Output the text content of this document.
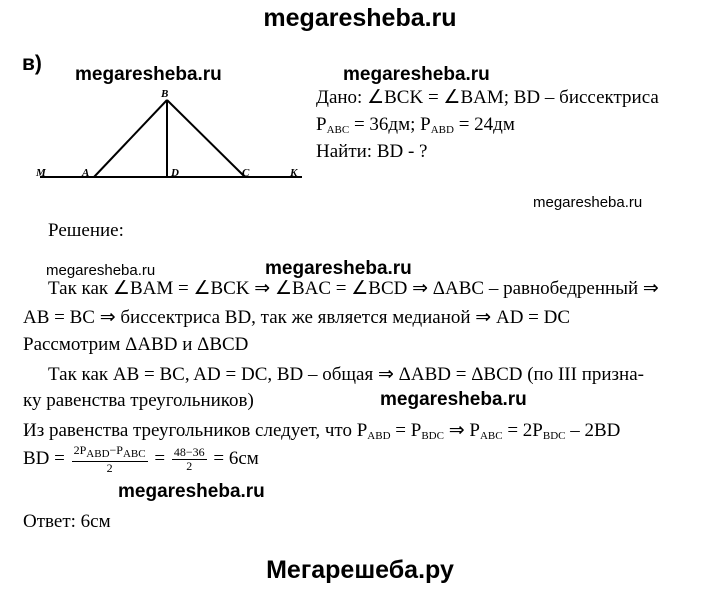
megaresheba.ru
в) megaresheba.ru	megaresheba.ru
B
M	A	D	C	K
Дано: ∠BCK = ∠BAM; BD – биссектриса
$P_{ABC} = 36дм$; $P_{ABD} = 24дм$
Найти: BD - ?
megaresheba.ru
Решение:
megaresheba.ru	megaresheba.ru
Так как ∠BAM = ∠BCK ⇒ ∠BAC = ∠BCD ⇒ ΔABC – равнобедренный ⇒
AB = BC ⇒ биссектриса BD, так же является медианой ⇒ AD = DC
Рассмотрим ΔABD и ΔBCD
Так как AB = BC, AD = DC, BD – общая ⇒ ΔABD = ΔBCD (по III призна-
ку равенства треугольников)	megaresheba.ru
Из равенства треугольников следует, что $P_{ABD} = P_{BDC}$ ⇒ $P_{ABC} = 2P_{BDC} - 2BD$
BD = $\frac{2P_{ABD}-P_{ABC}}{2} = \frac{48-36}{2} = 6см$
megaresheba.ru
Ответ: 6см
Мегарешеба.ру
